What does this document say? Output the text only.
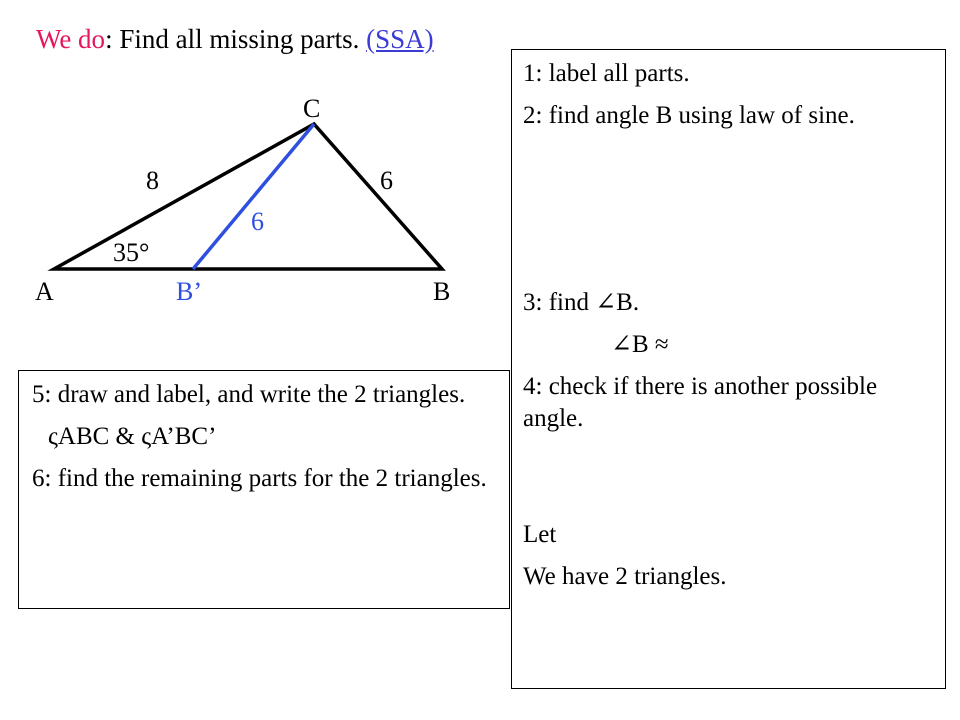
We do: Find all missing parts. (SSA)
C
8	6
6
35°
A	B’	B

1: label all parts.

2: find angle B using law of sine.

3: find ∠B.

∠B ≈

4: check if there is another possible angle.

Let

We have 2 triangles.

5: draw and label, and write the 2 triangles.

ςABC & ςA’BC’

6: find the remaining parts for the 2 triangles.
